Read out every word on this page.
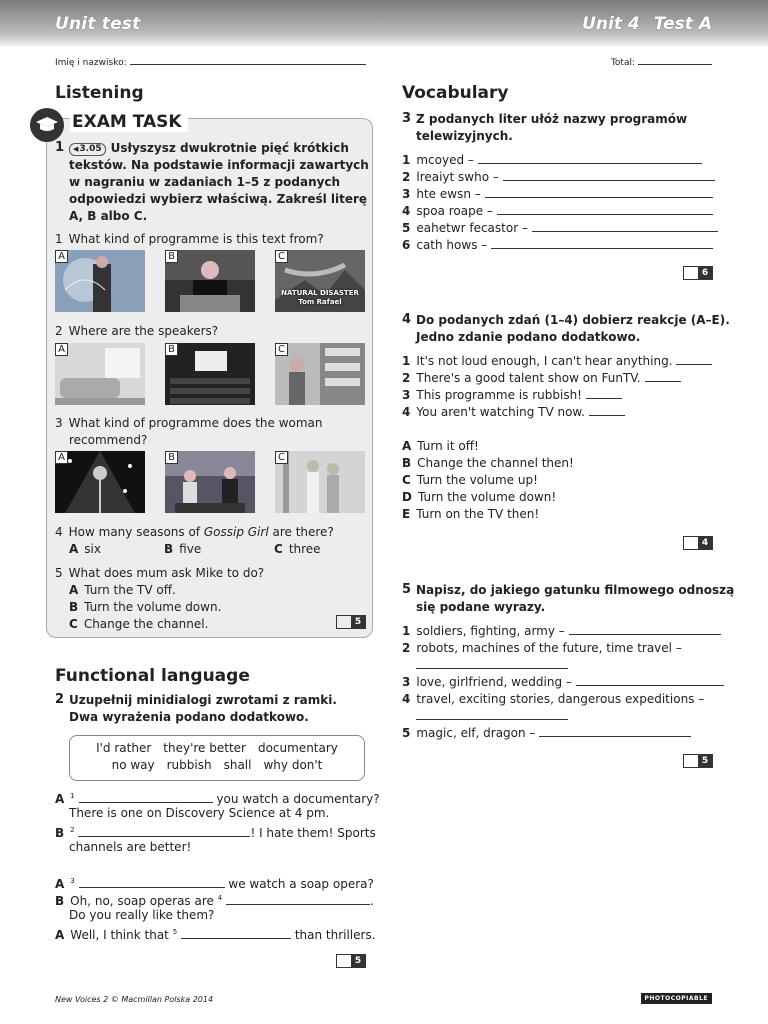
Unit test	Unit 4 Test A
Imię i nazwisko:	Total:
Listening
EXAM TASK
1
◀	3.05 Usłyszysz dwukrotnie pięć krótkich
tekstów. Na podstawie informacji zawartych
w nagraniu w zadaniach 1–5 z podanych
odpowiedzi wybierz właściwą. Zakreśl literę
A, B albo C.
1 What kind of programme is this text from?
A	B	C
NATURAL DISASTER
Tom Rafael
2 Where are the speakers?
A	B	C
3 What kind of programme does the woman
recommend?
A	B	C
4 How many seasons of Gossip Girl are there?
A six	B five	C three
5 What does mum ask Mike to do?
A Turn the TV off.
B Turn the volume down.
C Change the channel.	5
Functional language
2 Uzupełnij minidialogi zwrotami z ramki.
Dwa wyrażenia podano dodatkowo.
I'd rather they're better documentary
no way rubbish shall why don't
A $^1$	you watch a documentary?
There is one on Discovery Science at 4 pm.
B $^2$	! I hate them! Sports
channels are better!
A $^3$	we watch a soap opera?
B Oh, no, soap operas are $^4$	.
Do you really like them?
A Well, I think that $^5$	than thrillers.
5
Vocabulary
3 Z podanych liter ułóż nazwy programów
telewizyjnych.
1 mcoyed –
2 lreaiyt swho –
3 hte ewsn –
4 spoa roape –
5 eahetwr fecastor –
6 cath hows –
6
4 Do podanych zdań (1–4) dobierz reakcje (A–E).
Jedno zdanie podano dodatkowo.
1 It's not loud enough, I can't hear anything.
2 There's a good talent show on FunTV.
3 This programme is rubbish!
4 You aren't watching TV now.
A Turn it off!
B Change the channel then!
C Turn the volume up!
D Turn the volume down!
E Turn on the TV then!
4
5 Napisz, do jakiego gatunku filmowego odnoszą
się podane wyrazy.
1 soldiers, fighting, army –
2 robots, machines of the future, time travel –
3 love, girlfriend, wedding –
4 travel, exciting stories, dangerous expeditions –
5 magic, elf, dragon –
5
New Voices 2 © Macmillan Polska 2014	PHOTOCOPIABLE
